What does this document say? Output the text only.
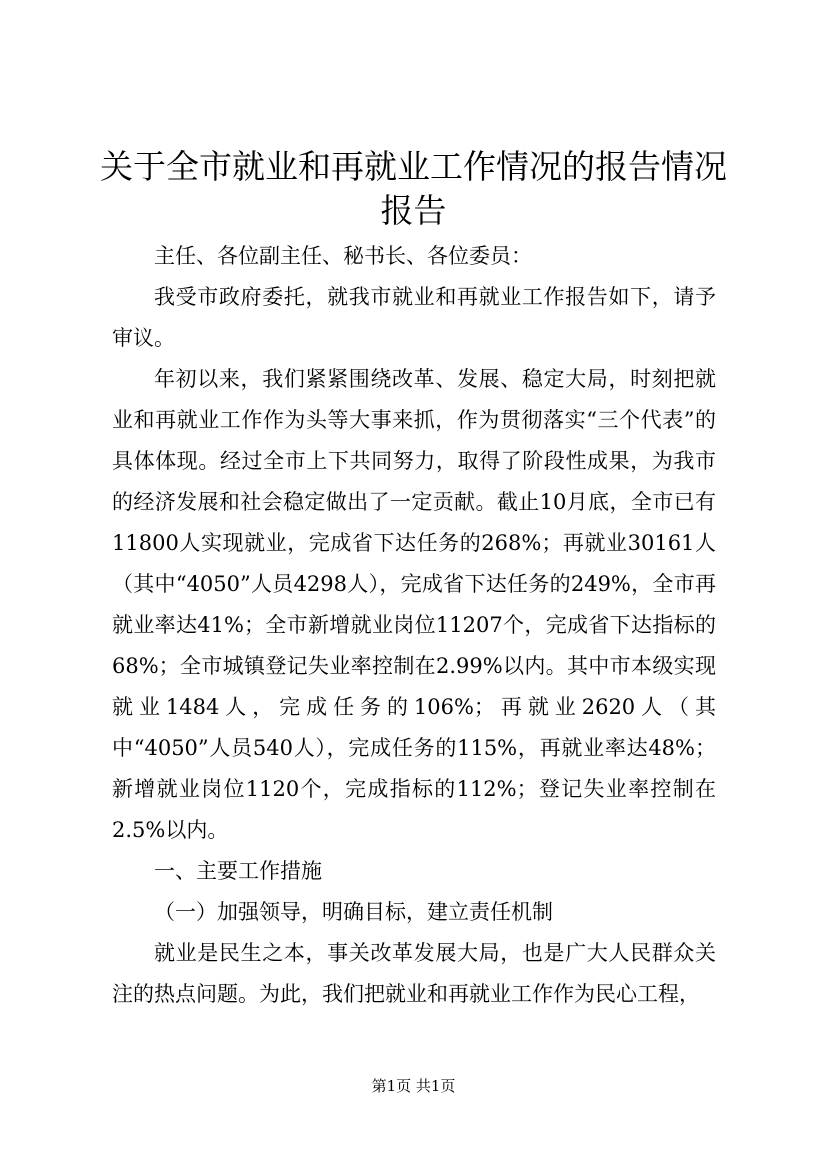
关于全市就业和再就业工作情况的报告情况报告

主任、各位副主任、秘书长、各位委员：

我受市政府委托，就我市就业和再就业工作报告如下，请予审议。

年初以来，我们紧紧围绕改革、发展、稳定大局，时刻把就业和再就业工作作为头等大事来抓，作为贯彻落实“三个代表”的具体体现。经过全市上下共同努力，取得了阶段性成果，为我市的经济发展和社会稳定做出了一定贡献。截止10月底，全市已有11800人实现就业，完成省下达任务的268%；再就业30161人（其中“4050”人员4298人），完成省下达任务的249%，全市再就业率达41%；全市新增就业岗位11207个，完成省下达指标的68%；全市城镇登记失业率控制在2.99%以内。其中市本级实现就业1484人，完成任务的106%；再就业2620人（其中“4050”人员540人），完成任务的115%，再就业率达48%；新增就业岗位1120个，完成指标的112%；登记失业率控制在2.5%以内。

一、主要工作措施

（一）加强领导，明确目标，建立责任机制

就业是民生之本，事关改革发展大局，也是广大人民群众关注的热点问题。为此，我们把就业和再就业工作作为民心工程，

第1页 共1页
